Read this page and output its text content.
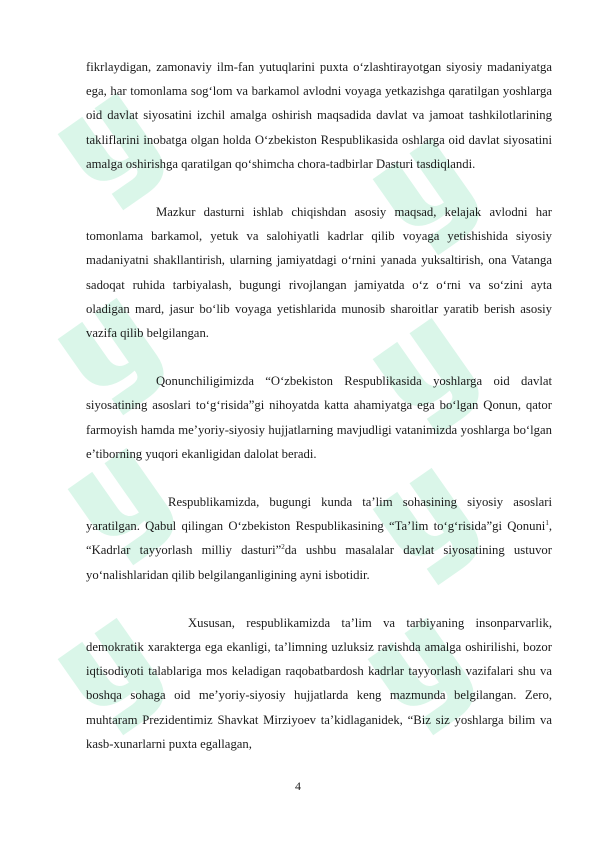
fikrlaydigan, zamonaviy ilm-fan yutuqlarini puxta o‘zlashtirayotgan siyosiy madaniyatga ega, har tomonlama sog‘lom va barkamol avlodni voyaga yetkazishga qaratilgan yoshlarga oid davlat siyosatini izchil amalga oshirish maqsadida davlat va jamoat tashkilotlarining takliflarini inobatga olgan holda O‘zbekiston Respublikasida oshlarga oid davlat siyosatini amalga oshirishga qaratilgan qo‘shimcha chora-tadbirlar Dasturi tasdiqlandi.

Mazkur dasturni ishlab chiqishdan asosiy maqsad, kelajak avlodni har tomonlama barkamol, yetuk va salohiyatli kadrlar qilib voyaga yetishishida siyosiy madaniyatni shakllantirish, ularning jamiyatdagi o‘rnini yanada yuksaltirish, ona Vatanga sadoqat ruhida tarbiyalash, bugungi rivojlangan jamiyatda o‘z o‘rni va so‘zini ayta oladigan mard, jasur bo‘lib voyaga yetishlarida munosib sharoitlar yaratib berish asosiy vazifa qilib belgilangan.

Qonunchiligimizda “O‘zbekiston Respublikasida yoshlarga oid davlat siyosatining asoslari to‘g‘risida”gi nihoyatda katta ahamiyatga ega bo‘lgan Qonun, qator farmoyish hamda me’yoriy-siyosiy hujjatlarning mavjudligi vatanimizda yoshlarga bo‘lgan e’tiborning yuqori ekanligidan dalolat beradi.

Respublikamizda, bugungi kunda ta’lim sohasining siyosiy asoslari yaratilgan. Qabul qilingan O‘zbekiston Respublikasining “Ta’lim to‘g‘risida”gi Qonuni$^1$, “Kadrlar tayyorlash milliy dasturi”$^2$da ushbu masalalar davlat siyosatining ustuvor yo‘nalishlaridan qilib belgilanganligining ayni isbotidir.

Xususan, respublikamizda ta’lim va tarbiyaning insonparvarlik, demokratik xarakterga ega ekanligi, ta’limning uzluksiz ravishda amalga oshirilishi, bozor iqtisodiyoti talablariga mos keladigan raqobatbardosh kadrlar tayyorlash vazifalari shu va boshqa sohaga oid me’yoriy-siyosiy hujjatlarda keng mazmunda belgilangan. Zero, muhtaram Prezidentimiz Shavkat Mirziyoev ta’kidlaganidek, “Biz siz yoshlarga bilim va kasb-xunarlarni puxta egallagan,

4
